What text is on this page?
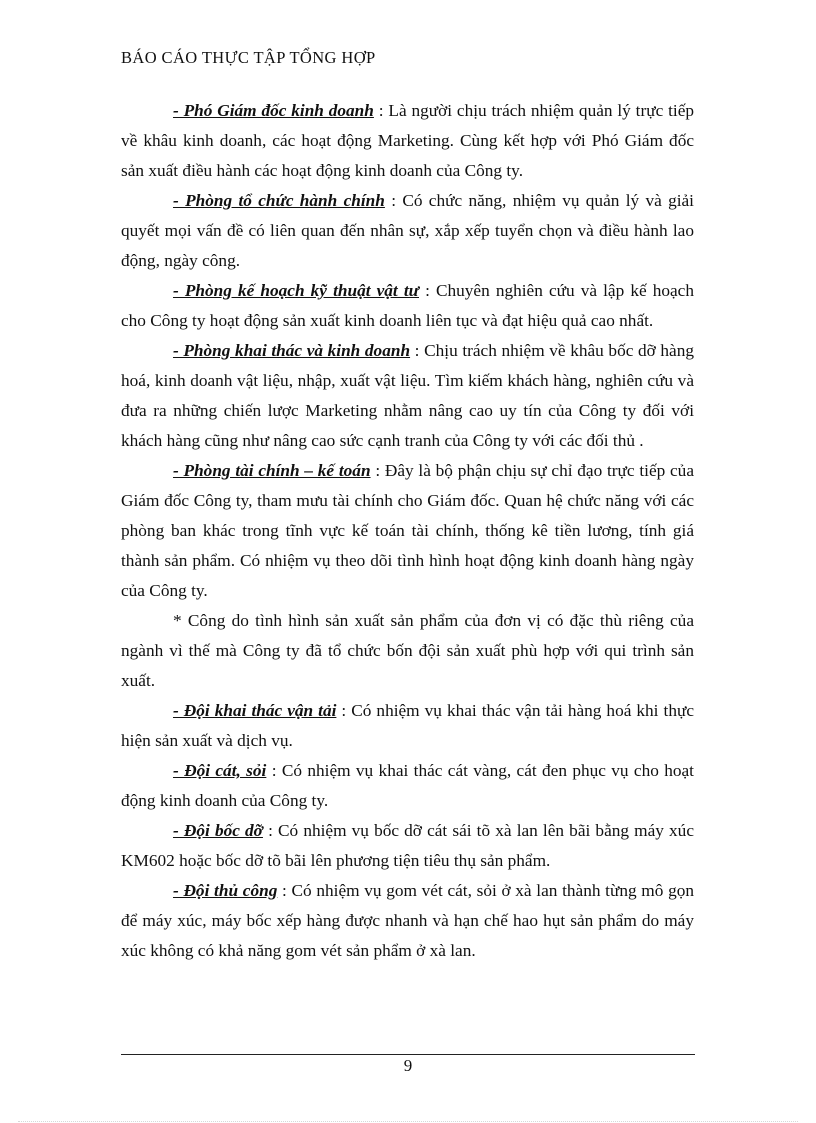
BÁO CÁO THỰC TẬP TỔNG HỢP

- Phó Giám đốc kinh doanh : Là người chịu trách nhiệm quản lý trực tiếp về khâu kinh doanh, các hoạt động Marketing. Cùng kết hợp với Phó Giám đốc sản xuất điều hành các hoạt động kinh doanh của Công ty.

- Phòng tổ chức hành chính : Có chức năng, nhiệm vụ quản lý và giải quyết mọi vấn đề có liên quan đến nhân sự, xắp xếp tuyển chọn và điều hành lao động, ngày công.

- Phòng kế hoạch kỹ thuật vật tư : Chuyên nghiên cứu và lập kế hoạch cho Công ty hoạt động sản xuất kinh doanh liên tục và đạt hiệu quả cao nhất.

- Phòng khai thác và kinh doanh : Chịu trách nhiệm về khâu bốc dỡ hàng hoá, kinh doanh vật liệu, nhập, xuất vật liệu. Tìm kiếm khách hàng, nghiên cứu và đưa ra những chiến lược Marketing nhằm nâng cao uy tín của Công ty đối với khách hàng cũng như nâng cao sức cạnh tranh của Công ty với các đối thủ .

- Phòng tài chính – kế toán : Đây là bộ phận chịu sự chỉ đạo trực tiếp của Giám đốc Công ty, tham mưu tài chính cho Giám đốc. Quan hệ chức năng với các phòng ban khác trong tĩnh vực kế toán tài chính, thống kê tiền lương, tính giá thành sản phẩm. Có nhiệm vụ theo dõi tình hình hoạt động kinh doanh hàng ngày của Công ty.

* Công do tình hình sản xuất sản phẩm của đơn vị có đặc thù riêng của ngành vì thế mà Công ty đã tổ chức bốn đội sản xuất phù hợp với qui trình sản xuất.

- Đội khai thác vận tải : Có nhiệm vụ khai thác vận tải hàng hoá khi thực hiện sản xuất và dịch vụ.

- Đội cát, sỏi : Có nhiệm vụ khai thác cát vàng, cát đen phục vụ cho hoạt động kinh doanh của Công ty.

- Đội bốc dỡ : Có nhiệm vụ bốc dỡ cát sái tõ xà lan lên bãi bằng máy xúc KM602 hoặc bốc dỡ tõ bãi lên phương tiện tiêu thụ sản phẩm.

- Đội thủ công : Có nhiệm vụ gom vét cát, sỏi ở xà lan thành từng mô gọn để máy xúc, máy bốc xếp hàng được nhanh và hạn chế hao hụt sản phẩm do máy xúc không có khả năng gom vét sản phẩm ở xà lan.

9
